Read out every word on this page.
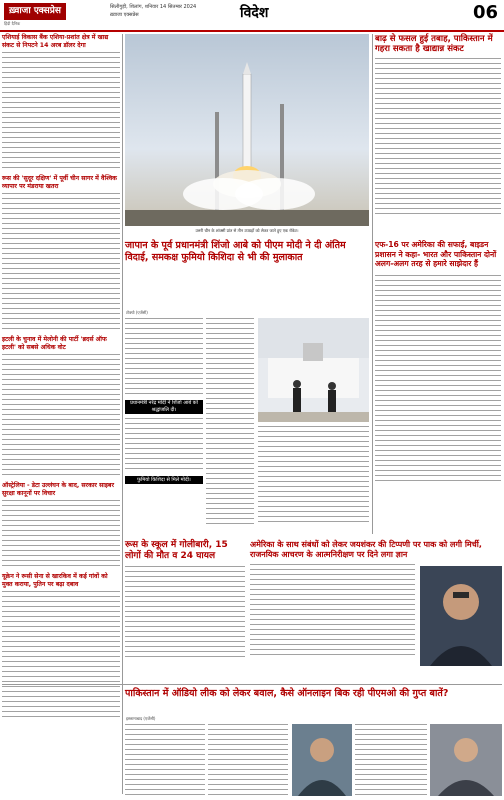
ख़्वाजा एक्सप्रेस
हिंदी दैनिक
सिलीगुड़ी, शिलांग, शनिवार 14 सितम्बर 2024
ख़्वाजा एक्सप्रेस	विदेश	06
एशियाई विकास बैंक एशिया-प्रशांत क्षेत्र में खाद्य संकट से निपटने 14 अरब डॉलर देगा
रूस की 'सुदूर दक्षिण' में पूर्वी चीन सागर में वैश्विक व्यापार पर मंडराया खतरा
इटली के चुनाव में मेलोनी की पार्टी 'ब्रदर्स ऑफ इटली' को सबसे अधिक वोट
ऑस्ट्रेलिया - डेटा उल्लंघन के बाद, सरकार साइबर सुरक्षा कानूनों पर विचार
यूक्रेन ने रूसी सेना से खारकिव में कई गांवों को मुक्त कराया, पुतिन पर बढ़ा दबाव
उत्तरी चीन के शांक्सी प्रांत से तीन उपग्रहों को लेकर जाते हुए एक रॉकेट।
बाढ़ से फसल हुई तबाह, पाकिस्तान में गहरा सकता है खाद्यान्न संकट
जापान के पूर्व प्रधानमंत्री शिंजो आबे को पीएम मोदी ने दी अंतिम विदाई, समकक्ष फुमियो किशिदा से भी की मुलाकात
टोक्यो (एजेंसी)
प्रधानमंत्री नरेंद्र मोदी ने शिंजो आबे को श्रद्धांजलि दी।
फुमियो किशिदा से मिले मोदी।
एफ-16 पर अमेरिका की सफाई, बाइडन प्रशासन ने कहा- भारत और पाकिस्तान दोनों अलग-अलग तरह से हमारे साझेदार हैं
रूस के स्कूल में गोलीबारी, 15 लोगों की मौत व 24 घायल
अमेरिका के साथ संबंधों को लेकर जयशंकर की टिप्पणी पर पाक को लगी मिर्ची, राजनयिक आचरण के आत्मनिरीक्षण पर दिने लगा ज्ञान
पाकिस्तान में ऑडियो लीक को लेकर बवाल, कैसे ऑनलाइन बिक रही पीएमओ की गुप्त बातें?
इस्लामाबाद (एजेंसी)
